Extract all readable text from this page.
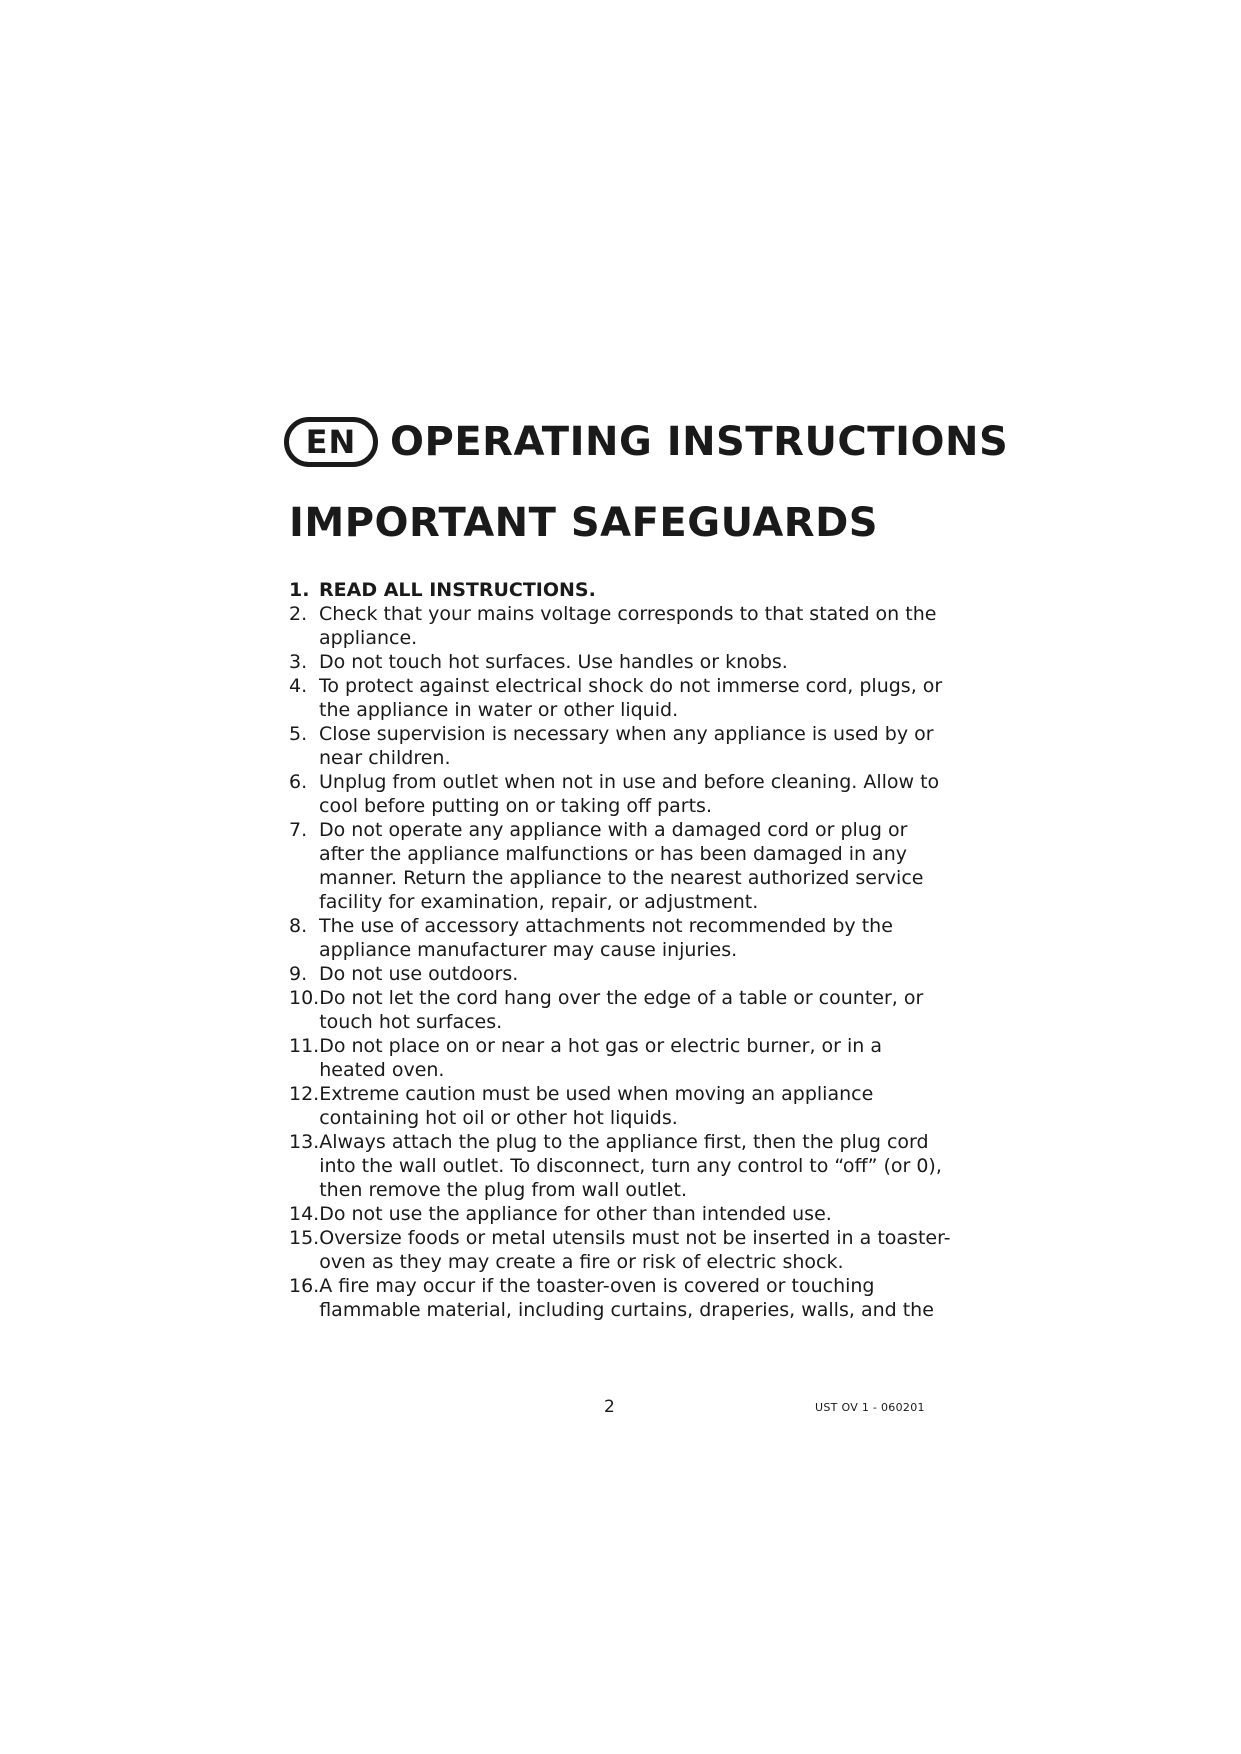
EN OPERATING INSTRUCTIONS
IMPORTANT SAFEGUARDS
1. READ ALL INSTRUCTIONS.
2. Check that your mains voltage corresponds to that stated on the
appliance.
3. Do not touch hot surfaces. Use handles or knobs.
4. To protect against electrical shock do not immerse cord, plugs, or
the appliance in water or other liquid.
5. Close supervision is necessary when any appliance is used by or
near children.
6. Unplug from outlet when not in use and before cleaning. Allow to
cool before putting on or taking off parts.
7. Do not operate any appliance with a damaged cord or plug or
after the appliance malfunctions or has been damaged in any
manner. Return the appliance to the nearest authorized service
facility for examination, repair, or adjustment.
8. The use of accessory attachments not recommended by the
appliance manufacturer may cause injuries.
9. Do not use outdoors.
10. Do not let the cord hang over the edge of a table or counter, or
touch hot surfaces.
11. Do not place on or near a hot gas or electric burner, or in a
heated oven.
12. Extreme caution must be used when moving an appliance
containing hot oil or other hot liquids.
13. Always attach the plug to the appliance first, then the plug cord
into the wall outlet. To disconnect, turn any control to “off” (or 0),
then remove the plug from wall outlet.
14. Do not use the appliance for other than intended use.
15. Oversize foods or metal utensils must not be inserted in a toaster-
oven as they may create a fire or risk of electric shock.
16. A fire may occur if the toaster-oven is covered or touching
flammable material, including curtains, draperies, walls, and the
2	UST OV 1 - 060201
